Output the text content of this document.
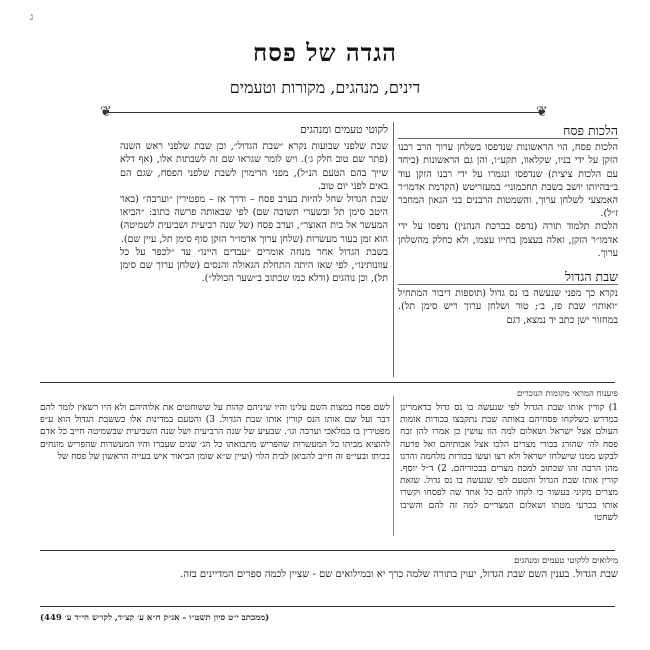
ג
הגדה של פסח
דינים, מנהגים, מקורות וטעמים
❦	❦
הלכות פסח

הלכות פסח, הוי הראשונות שנדפסו בשלחן ערוך הרב רבנו הזקן על ידי בניו, שקלאוו, תקע״ו, והן גם הראשונות (ביחד עם הלכות ציצית) שנדפסו ונגמרו על ידי רבנו הזקן עוד ב״בהיותו יושב בשבת תחכמוני״ במעזריטש (הקדמת אדמו״ר האמצעי לשלחן ערוך, והשמטות הרבנים בני הגאון המחבר ז״ל).

הלכות תלמוד תורה (נדפס בברכת הנהנין) נדפסו על ידי אדמו״ר הזקן, ואלה בעצמן בחייו עצמו, ולא כחלק מהשלחן ערוך.

שבת הגדול

נקרא כך מפני שנעשה בו נס גדול (תוספות דיבור המתחיל ״ואותו״ שבת פז, ב׳; טור ושלחן ערוך ריש סימן תל). במחזור ישן כתב יד נמצא, דגם

לקוטי טעמים ומנהגים

שבת שלפני שבועות נקרא ״שבת הגדול״, וכן שבת שלפני ראש השנה (פתר שם טוב חלק ג׳). ויש לומר שגראו שם זה לשבתות אלו, (אף דלא שייך בהם הטעם הנ״ל), מפני הדימוין לשבת שלפני הפסח, שגם הם באים לפני יום טוב.

שבת הגדול שחל להיות בערב פסח – ודרך אז – מפטירין ״וערבה״ (באר היטב סימן תל ובשערי תשובה שם) לפי שבאותה פרשה כתוב: ״הביאו המעשר אל בית האוצר״, וערב פסח (של שנה רביעית ושביעית לשמיטה) הוא זמן בעור מעשרות (שלחן ערוך אדמו״ר הזקן סוף סימן תל, עיין שם).

בשבת הגדול אחר מנחה אומרים ״עבדים היינו״ עד ״לכפר על כל עוונותינו״, לפי שאז היתה התחלת הגאולה והנסים (שלחן ערוך שם סימן תל), וכן נוהגים (ודלא כמו שכתוב ב״שער הכולל״).

פיענוח המראי מקומות הנזכרים
1) קורין אותו שבת הגדול לפי שנעשה בו נס גדול כדאמרינן במדרש כשלקחו פסחיהם באותה שבת נתקבצו בכורות אומות העולם אצל ישראל ושאלום למה הוו עושין כן אמרו להן זבח פסח לה׳ שהורג בכורי מצרים הלכו אצל אבותיהם ואל פרעה לבקש ממנו שישלחו ישראל ולא רצו ועשו בכורות מלחמה והרגו מהן הרבה זהו שכתוב למכה מצרים בבכוריהם. 2) ד״ל יוסף. קורין אותו שבת הגדול והטעם לפי שנעשה בו נס גדול. שזאת מצרים מקיני בעשור כי לקחו להם כל אחד שה לפסחו וקשרו אותו בכרעי מטתו ושאלום המצריים למה זה להם והשיבו לשחטו
לשם פסח במצות השם עלינו והיו שיניהם קהות על ששוחטים את אלוהיהם ולא היו רשאין לומר להם דבר ועל שם אותו הנס קורין אותו שבת הגדול. 3) והטעם במדינות אלו כששבת הגדול הוא ע״פ מפטירין בו במלאכי וערבה וגו׳. שבעיע של שנה הרביעית ושל שנה השביעית שבשמיטה חייב כל אדם להוציא מביתו כל המעשרות שהפריש מתבואתו כל הג׳ שנים שעברו והיו המעשרות שהפריש מונחים בכיתו ובעי״פ זה חייב להביאן לבית הלוי (ועיין ש״א שומן הביאור איש בעייה הראשון של פסח של
מילואים ללקוטי טעמים ומנהגים
שבת הגדול. בענין השם שבת הגדול, יעוין בתורה שלמה כרך יא ובמילואים שם - שציין לכמה ספרים המדיינים בזה.
(ממכתב י״ט סיון תשט״ו - אג״ק ח״א ע׳ קצ״ד, לקו״ש חי״ד ע׳ 449)
